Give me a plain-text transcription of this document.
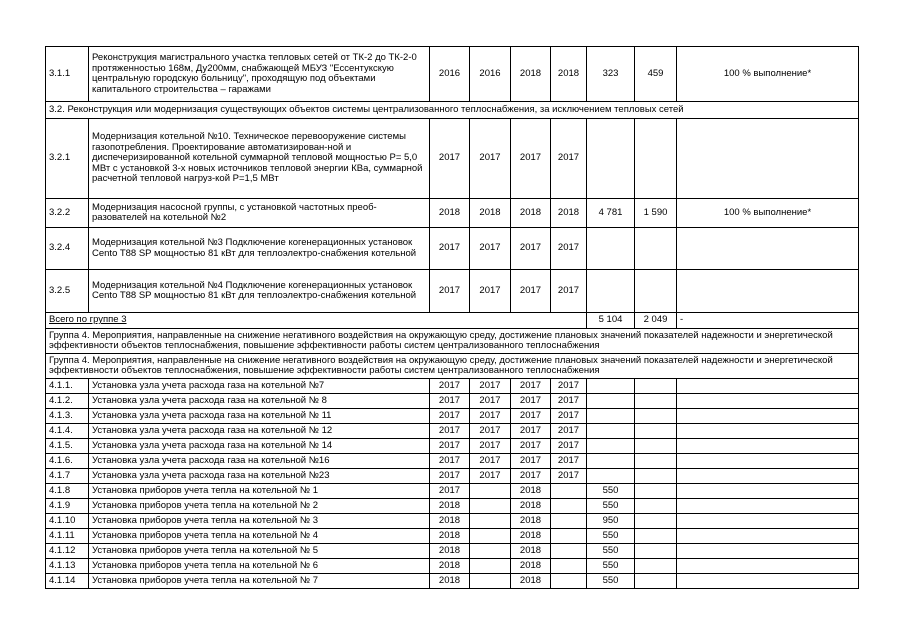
3.1.1	Реконструкция магистрального участка тепловых сетей от ТК-2 до ТК-2-0 протяженностью 168м, Ду200мм, снабжающей МБУЗ "Ессентукскую центральную городскую больницу", проходящую под объектами капитального строительства – гаражами	2016	2016	2018	2018	323	459	100 % выполнение*
3.2. Реконструкция или модернизация существующих объектов системы централизованного теплоснабжения, за исключением тепловых сетей								
3.2.1	Модернизация котельной №10. Техническое перевооружение системы газопотребления. Проектирование автоматизирован-ной и диспечеризированной котельной суммарной тепловой мощностью Р= 5,0 МВт с установкой 3-х новых источников тепловой энергии КВа, суммарной расчетной тепловой нагруз-кой Р=1,5 МВт	2017	2017	2017	2017			
3.2.2	Модернизация насосной группы, с установкой частотных преоб-разователей на котельной №2	2018	2018	2018	2018	4 781	1 590	100 % выполнение*
3.2.4	Модернизация котельной №3 Подключение когенерационных установок Cento T88 SP мощностью 81 кВт для теплоэлектро-снабжения котельной	2017	2017	2017	2017			
3.2.5	Модернизация котельной №4 Подключение когенерационных установок Cento T88 SP мощностью 81 кВт для теплоэлектро-снабжения котельной	2017	2017	2017	2017			
Всего по группе 3						5 104	2 049	-
Группа 4. Мероприятия, направленные на снижение негативного воздействия на окружающую среду, достижение плановых значений показателей надежности и энергетической эффективности объектов теплоснабжения, повышение эффективности работы систем централизованного теплоснабжения								
Группа 4. Мероприятия, направленные на снижение негативного воздействия на окружающую среду, достижение плановых значений показателей надежности и энергетической эффективности объектов теплоснабжения, повышение эффективности работы систем централизованного теплоснабжения								
4.1.1.	Установка узла учета расхода газа на котельной №7	2017	2017	2017	2017			
4.1.2.	Установка узла учета расхода газа на котельной № 8	2017	2017	2017	2017			
4.1.3.	Установка узла учета расхода газа на котельной № 11	2017	2017	2017	2017			
4.1.4.	Установка узла учета расхода газа на котельной № 12	2017	2017	2017	2017			
4.1.5.	Установка узла учета расхода газа на котельной № 14	2017	2017	2017	2017			
4.1.6.	Установка узла учета расхода газа на котельной №16	2017	2017	2017	2017			
4.1.7	Установка узла учета расхода газа на котельной №23	2017	2017	2017	2017			
4.1.8	Установка приборов учета тепла на котельной № 1	2017		2018		550		
4.1.9	Установка приборов учета тепла на котельной № 2	2018		2018		550		
4.1.10	Установка приборов учета тепла на котельной № 3	2018		2018		950		
4.1.11	Установка приборов учета тепла на котельной № 4	2018		2018		550		
4.1.12	Установка приборов учета тепла на котельной № 5	2018		2018		550		
4.1.13	Установка приборов учета тепла на котельной № 6	2018		2018		550		
4.1.14	Установка приборов учета тепла на котельной № 7	2018		2018		550		
